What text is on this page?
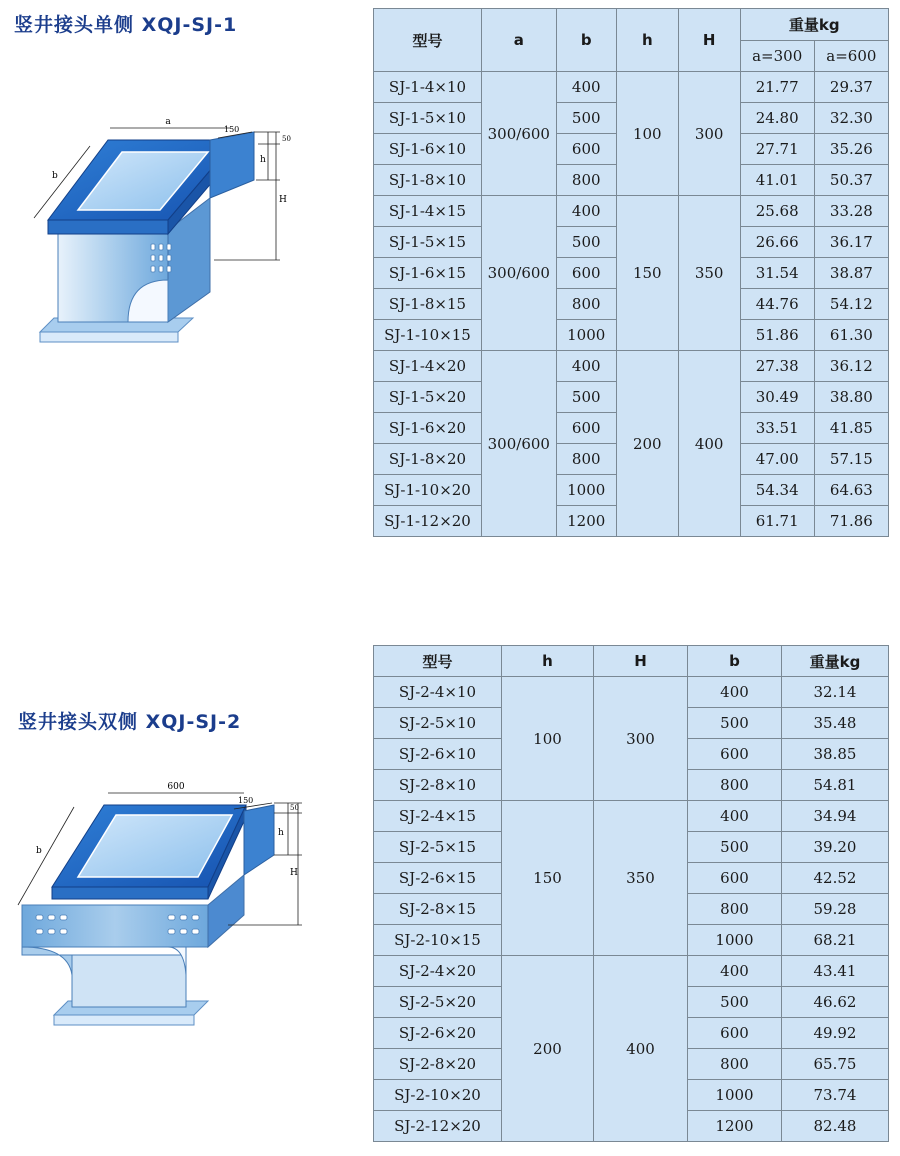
竖井接头单侧 XQJ-SJ-1
a
b
150
50
h
H
型号	a	b	h	H	重量kg	
					a=300	a=600
SJ-1-4×10	300/600	400	100	300	21.77	29.37
SJ-1-5×10		500			24.80	32.30
SJ-1-6×10		600			27.71	35.26
SJ-1-8×10		800			41.01	50.37
SJ-1-4×15	300/600	400	150	350	25.68	33.28
SJ-1-5×15		500			26.66	36.17
SJ-1-6×15		600			31.54	38.87
SJ-1-8×15		800			44.76	54.12
SJ-1-10×15		1000			51.86	61.30
SJ-1-4×20	300/600	400	200	400	27.38	36.12
SJ-1-5×20		500			30.49	38.80
SJ-1-6×20		600			33.51	41.85
SJ-1-8×20		800			47.00	57.15
SJ-1-10×20		1000			54.34	64.63
SJ-1-12×20		1200			61.71	71.86
竖井接头双侧 XQJ-SJ-2
600
b
150
50
h
H
型号	h	H	b	重量kg
SJ-2-4×10	100	300	400	32.14
SJ-2-5×10			500	35.48
SJ-2-6×10			600	38.85
SJ-2-8×10			800	54.81
SJ-2-4×15	150	350	400	34.94
SJ-2-5×15			500	39.20
SJ-2-6×15			600	42.52
SJ-2-8×15			800	59.28
SJ-2-10×15			1000	68.21
SJ-2-4×20	200	400	400	43.41
SJ-2-5×20			500	46.62
SJ-2-6×20			600	49.92
SJ-2-8×20			800	65.75
SJ-2-10×20			1000	73.74
SJ-2-12×20			1200	82.48
